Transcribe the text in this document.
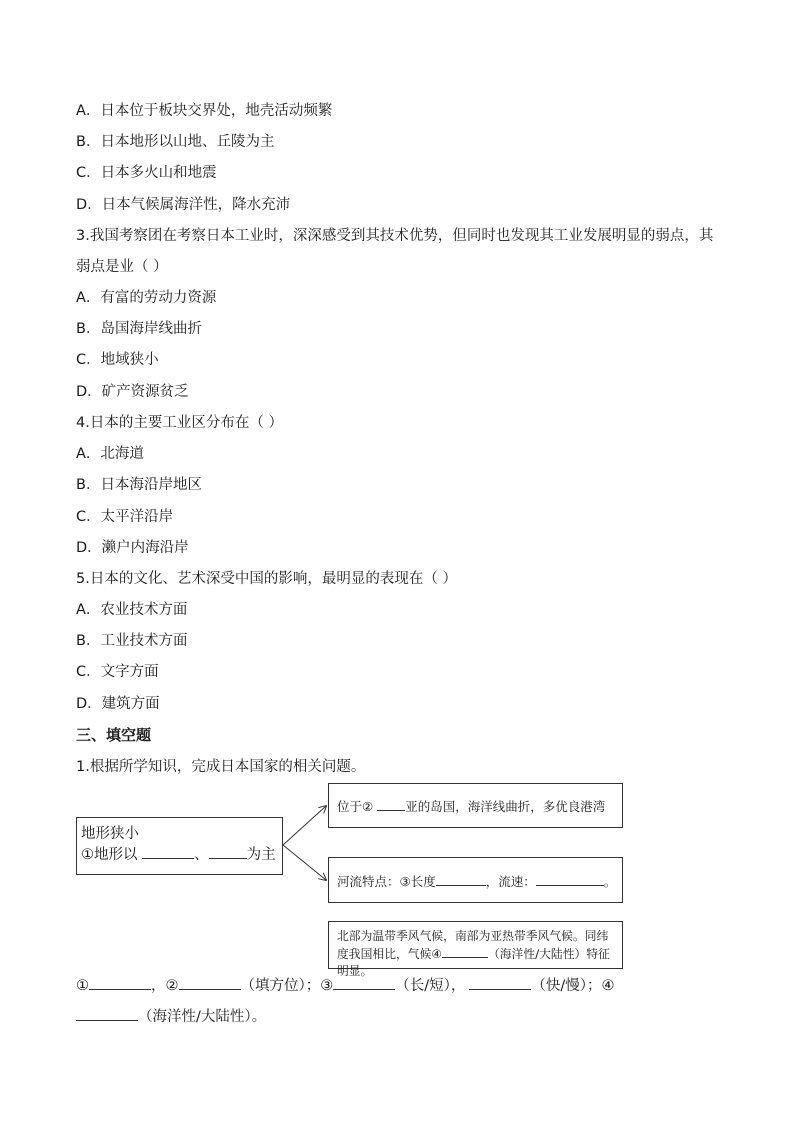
A．日本位于板块交界处，地壳活动频繁
B．日本地形以山地、丘陵为主
C．日本多火山和地震
D．日本气候属海洋性，降水充沛
3.我国考察团在考察日本工业时，深深感受到其技术优势，但同时也发现其工业发展明显的弱点，其
弱点是业（ ）
A．有富的劳动力资源
B．岛国海岸线曲折
C．地域狭小
D．矿产资源贫乏
4.日本的主要工业区分布在（ ）
A．北海道
B．日本海沿岸地区
C．太平洋沿岸
D．濑户内海沿岸
5.日本的文化、艺术深受中国的影响，最明显的表现在（ ）
A．农业技术方面
B．工业技术方面
C．文字方面
D．建筑方面
三、填空题
1.根据所学知识，完成日本国家的相关问题。
地形狭小
①地形以	、	为主
位于② 亚的岛国，海洋线曲折，多优良港湾
河流特点：③长度	，流速：	。
北部为温带季风气候，南部为亚热带季风气候。同纬度我国相比，气候④	（海洋性/大陆性）特征明显。
①	，②	（填方位）；③	（长/短），	（快/慢）；④
（海洋性/大陆性）。
